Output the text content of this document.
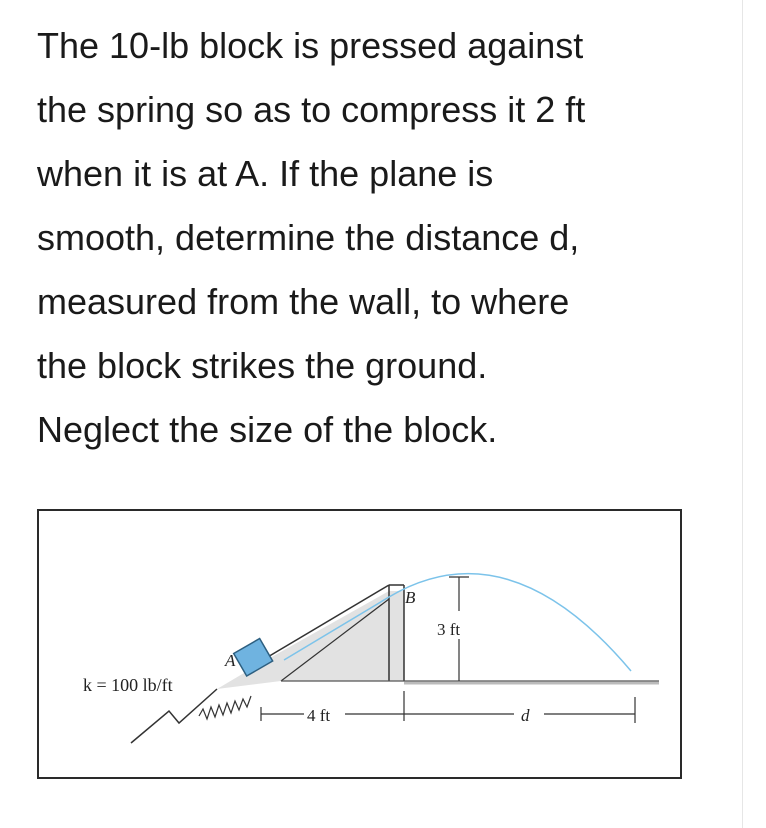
The 10-lb block is pressed against
the spring so as to compress it 2 ft
when it is at A. If the plane is
smooth, determine the distance d,
measured from the wall, to where
the block strikes the ground.
Neglect the size of the block.
k = 100 lb/ft
A
B
3 ft
4 ft	d
